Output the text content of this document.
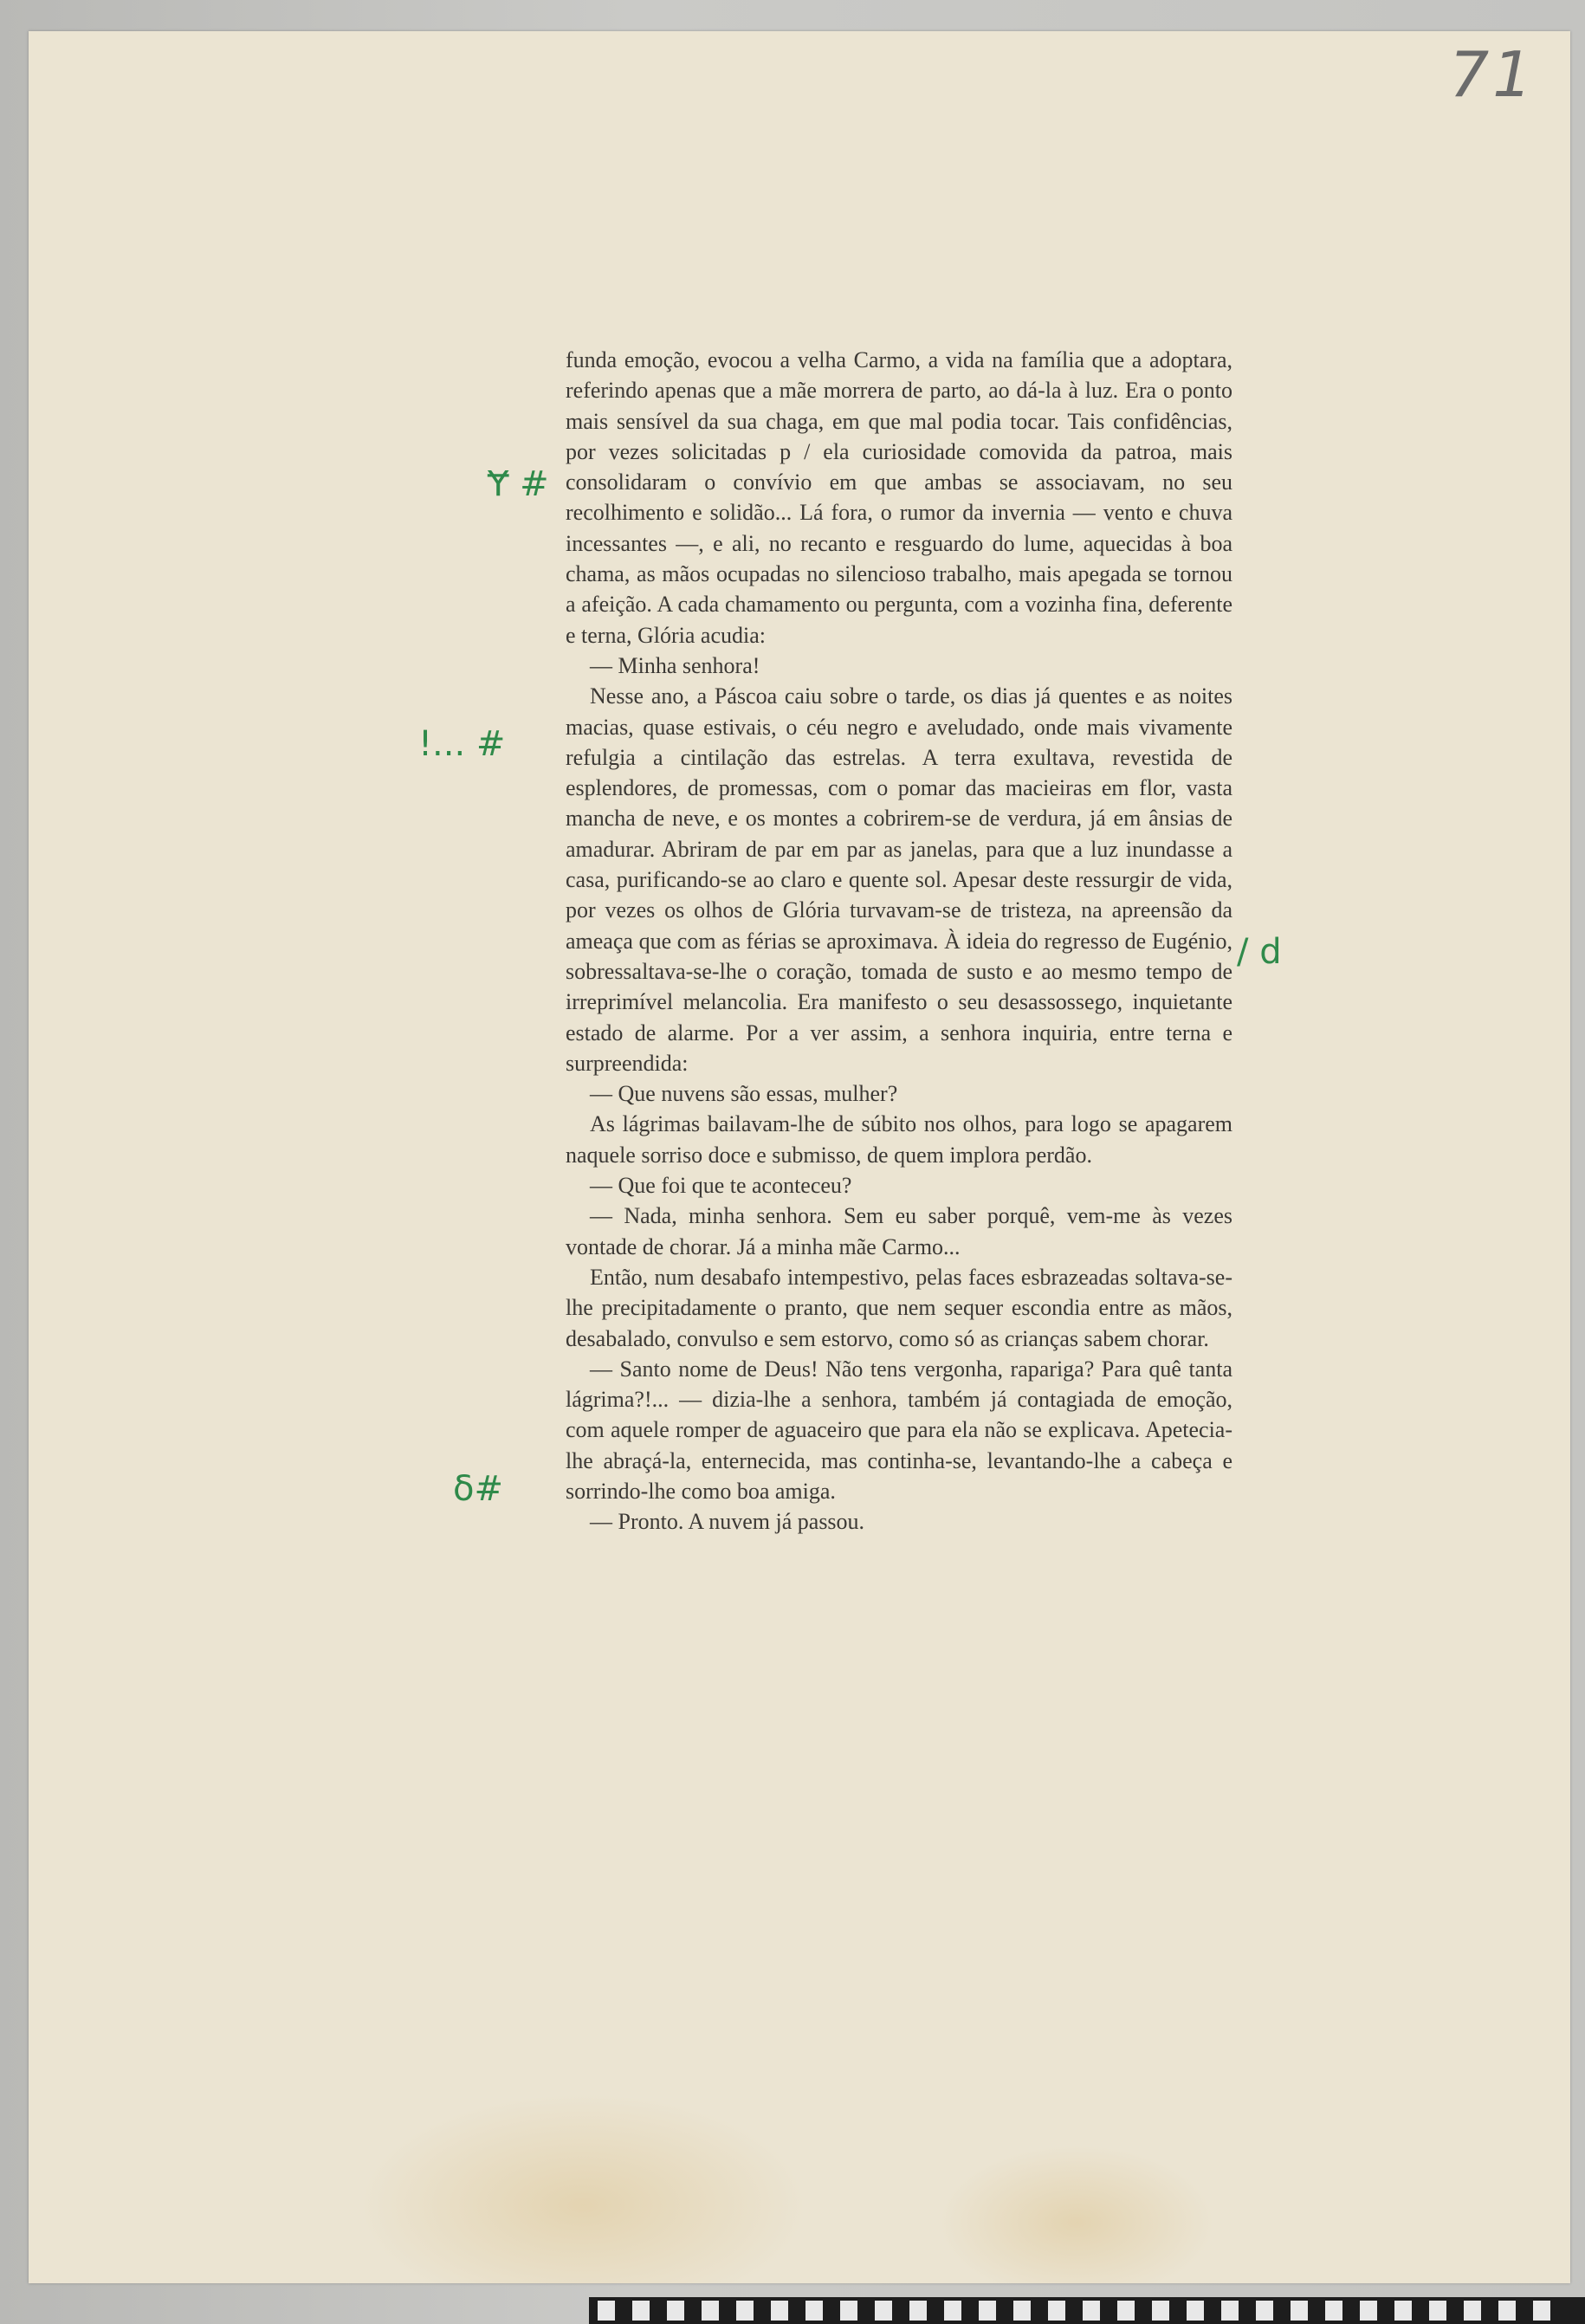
71
Ɏ #
!... #
/ d
δ#

funda emoção, evocou a velha Carmo, a vida na família que a adoptara, referindo apenas que a mãe morrera de parto, ao dá-la à luz. Era o ponto mais sensível da sua chaga, em que mal podia tocar. Tais confidências, por vezes solicitadas p / ela curiosidade comovida da patroa, mais consolidaram o convívio em que ambas se associavam, no seu recolhimento e solidão... Lá fora, o rumor da invernia — vento e chuva incessantes —, e ali, no recanto e resguardo do lume, aquecidas à boa chama, as mãos ocupadas no silencioso trabalho, mais apegada se tornou a afeição. A cada chamamento ou pergunta, com a vozinha fina, deferente e terna, Glória acudia:

— Minha senhora!

Nesse ano, a Páscoa caiu sobre o tarde, os dias já quentes e as noites macias, quase estivais, o céu negro e aveludado, onde mais vivamente refulgia a cintilação das estrelas. A terra exultava, revestida de esplendores, de promessas, com o pomar das macieiras em flor, vasta mancha de neve, e os montes a cobrirem-se de verdura, já em ânsias de amadurar. Abriram de par em par as janelas, para que a luz inundasse a casa, purificando-se ao claro e quente sol. Apesar deste ressurgir de vida, por vezes os olhos de Glória turvavam-se de tristeza, na apreensão da ameaça que com as férias se aproximava. À ideia do regresso de Eugénio, sobressaltava-se-lhe o coração, tomada de susto e ao mesmo tempo de irreprimível melancolia. Era manifesto o seu desassossego, inquietante estado de alarme. Por a ver assim, a senhora inquiria, entre terna e surpreendida:

— Que nuvens são essas, mulher?

As lágrimas bailavam-lhe de súbito nos olhos, para logo se apagarem naquele sorriso doce e submisso, de quem implora perdão.

— Que foi que te aconteceu?

— Nada, minha senhora. Sem eu saber porquê, vem-me às vezes vontade de chorar. Já a minha mãe Carmo...

Então, num desabafo intempestivo, pelas faces esbrazeadas soltava-se-lhe precipitadamente o pranto, que nem sequer escondia entre as mãos, desabalado, convulso e sem estorvo, como só as crianças sabem chorar.

— Santo nome de Deus! Não tens vergonha, rapariga? Para quê tanta lágrima?!... — dizia-lhe a senhora, também já contagiada de emoção, com aquele romper de aguaceiro que para ela não se explicava. Apetecia-lhe abraçá-la, enternecida, mas continha-se, levantando-lhe a cabeça e sorrindo-lhe como boa amiga.

— Pronto. A nuvem já passou.
